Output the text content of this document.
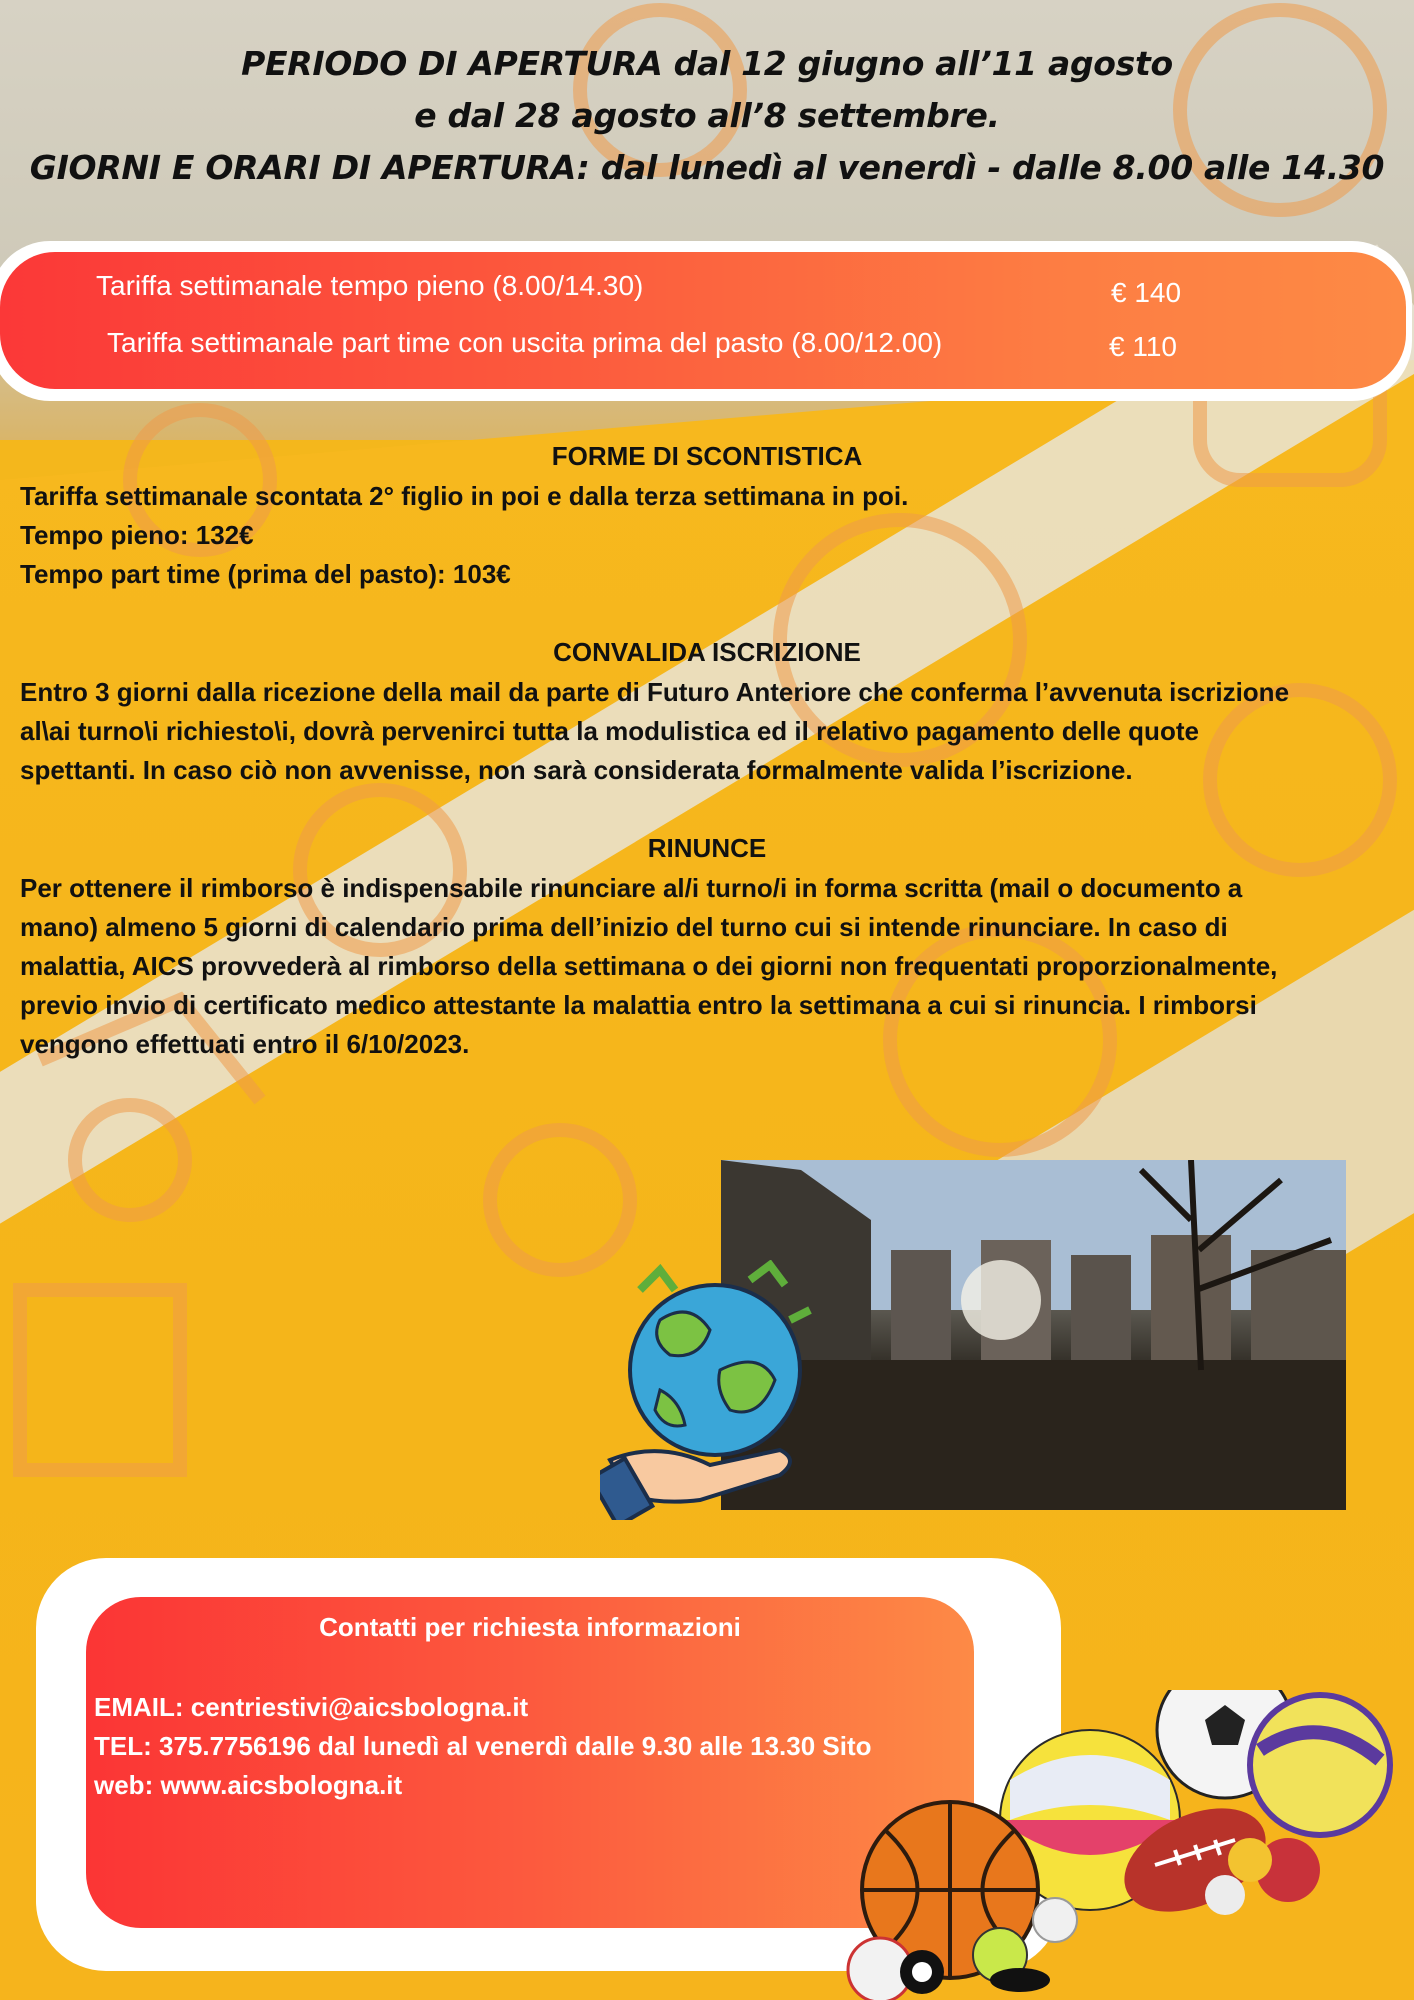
PERIODO DI APERTURA dal 12 giugno all’11 agosto
e dal 28 agosto all’8 settembre.
GIORNI E ORARI DI APERTURA: dal lunedì al venerdì - dalle 8.00 alle 14.30
Tariffa settimanale tempo pieno (8.00/14.30)	€ 140
Tariffa settimanale part time con uscita prima del pasto (8.00/12.00)	€ 110
FORME DI SCONTISTICA

Tariffa settimanale scontata 2° figlio in poi e dalla terza settimana in poi.

Tempo pieno: 132€

Tempo part time (prima del pasto): 103€

CONVALIDA ISCRIZIONE

Entro 3 giorni dalla ricezione della mail da parte di Futuro Anteriore che conferma l’avvenuta iscrizione

al\ai turno\i richiesto\i, dovrà pervenirci tutta la modulistica ed il relativo pagamento delle quote

spettanti. In caso ciò non avvenisse, non sarà considerata formalmente valida l’iscrizione.

RINUNCE

Per ottenere il rimborso è indispensabile rinunciare al/i turno/i in forma scritta (mail o documento a

mano) almeno 5 giorni di calendario prima dell’inizio del turno cui si intende rinunciare. In caso di

malattia, AICS provvederà al rimborso della settimana o dei giorni non frequentati proporzionalmente,

previo invio di certificato medico attestante la malattia entro la settimana a cui si rinuncia. I rimborsi

vengono effettuati entro il 6/10/2023.

Contatti per richiesta informazioni

EMAIL: centriestivi@aicsbologna.it

TEL: 375.7756196 dal lunedì al venerdì dalle 9.30 alle 13.30 Sito

web: www.aicsbologna.it
